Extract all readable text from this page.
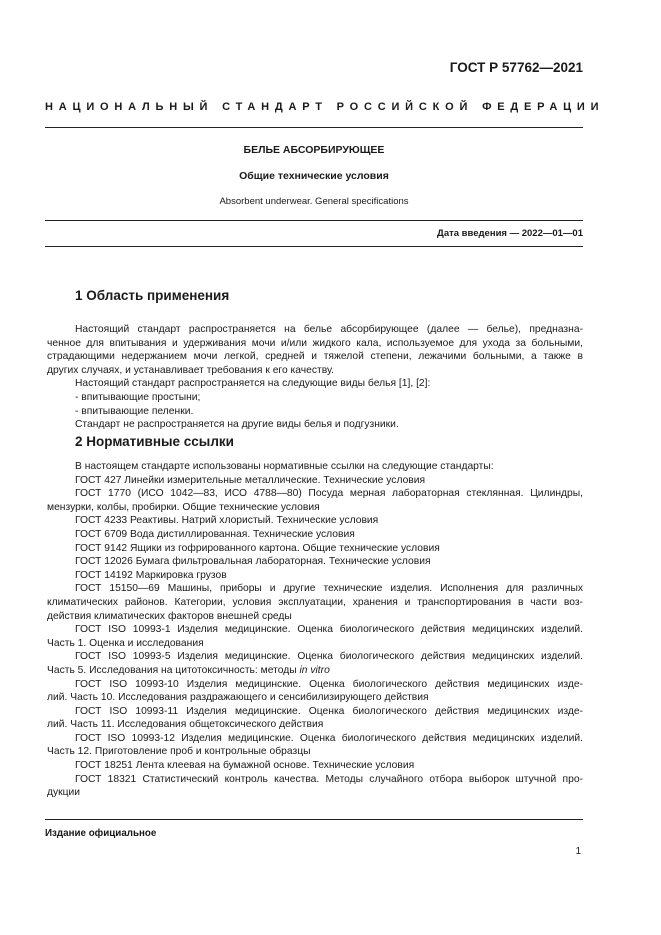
ГОСТ Р 57762—2021
НАЦИОНАЛЬНЫЙ СТАНДАРТ РОССИЙСКОЙ ФЕДЕРАЦИИ
БЕЛЬЕ АБСОРБИРУЮЩЕЕ
Общие технические условия
Absorbent underwear. General specifications
Дата введения — 2022—01—01
1 Область применения
Настоящий стандарт распространяется на белье абсорбирующее (далее — белье), предназна-
ченное для впитывания и удерживания мочи и/или жидкого кала, используемое для ухода за больными,
страдающими недержанием мочи легкой, средней и тяжелой степени, лежачими больными, а также в
других случаях, и устанавливает требования к его качеству.
Настоящий стандарт распространяется на следующие виды белья [1], [2]:
- впитывающие простыни;
- впитывающие пеленки.
Стандарт не распространяется на другие виды белья и подгузники.
2 Нормативные ссылки
В настоящем стандарте использованы нормативные ссылки на следующие стандарты:
ГОСТ 427 Линейки измерительные металлические. Технические условия
ГОСТ 1770 (ИСО 1042—83, ИСО 4788—80) Посуда мерная лабораторная стеклянная. Цилиндры,
мензурки, колбы, пробирки. Общие технические условия
ГОСТ 4233 Реактивы. Натрий хлористый. Технические условия
ГОСТ 6709 Вода дистиллированная. Технические условия
ГОСТ 9142 Ящики из гофрированного картона. Общие технические условия
ГОСТ 12026 Бумага фильтровальная лабораторная. Технические условия
ГОСТ 14192 Маркировка грузов
ГОСТ 15150—69 Машины, приборы и другие технические изделия. Исполнения для различных
климатических районов. Категории, условия эксплуатации, хранения и транспортирования в части воз-
действия климатических факторов внешней среды
ГОСТ ISO 10993-1 Изделия медицинские. Оценка биологического действия медицинских изделий.
Часть 1. Оценка и исследования
ГОСТ ISO 10993-5 Изделия медицинские. Оценка биологического действия медицинских изделий.
Часть 5. Исследования на цитотоксичность: методы in vitro
ГОСТ ISO 10993-10 Изделия медицинские. Оценка биологического действия медицинских изде-
лий. Часть 10. Исследования раздражающего и сенсибилизирующего действия
ГОСТ ISO 10993-11 Изделия медицинские. Оценка биологического действия медицинских изде-
лий. Часть 11. Исследования общетоксического действия
ГОСТ ISO 10993-12 Изделия медицинские. Оценка биологического действия медицинских изделий.
Часть 12. Приготовление проб и контрольные образцы
ГОСТ 18251 Лента клеевая на бумажной основе. Технические условия
ГОСТ 18321 Статистический контроль качества. Методы случайного отбора выборок штучной про-
дукции
Издание официальное
1
